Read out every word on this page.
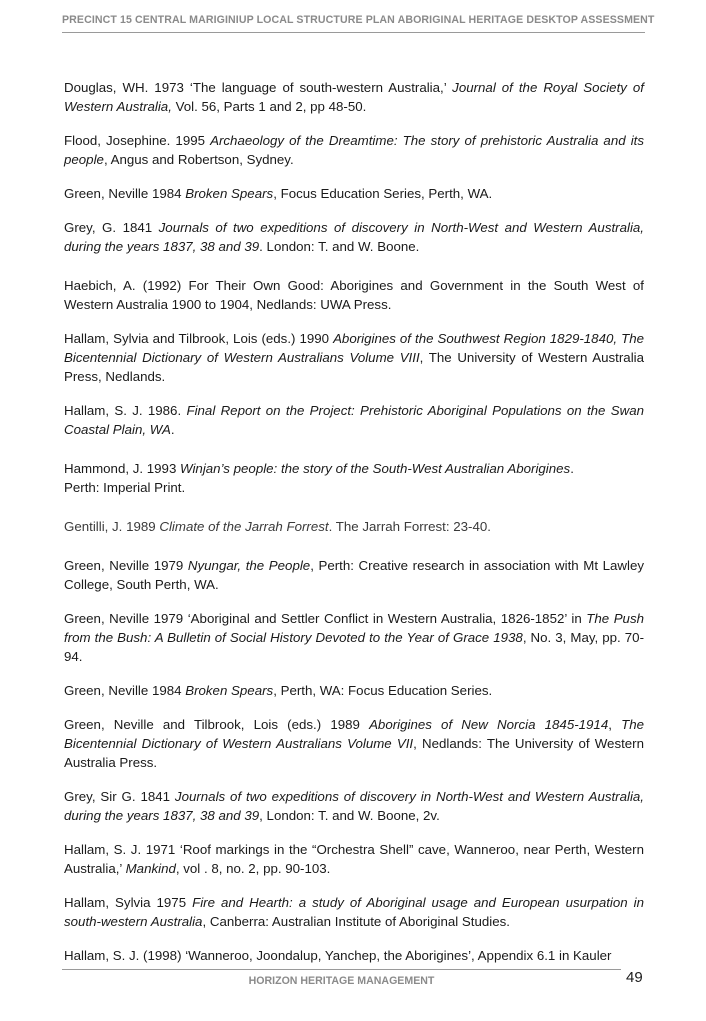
PRECINCT 15 CENTRAL MARIGINIUP LOCAL STRUCTURE PLAN ABORIGINAL HERITAGE DESKTOP ASSESSMENT

Douglas, WH. 1973 ‘The language of south-western Australia,’ Journal of the Royal Society of Western Australia, Vol. 56, Parts 1 and 2, pp 48-50.

Flood, Josephine. 1995 Archaeology of the Dreamtime: The story of prehistoric Australia and its people, Angus and Robertson, Sydney.

Green, Neville 1984 Broken Spears, Focus Education Series, Perth, WA.

Grey, G. 1841 Journals of two expeditions of discovery in North-West and Western Australia, during the years 1837, 38 and 39. London: T. and W. Boone.

Haebich, A. (1992) For Their Own Good: Aborigines and Government in the South West of Western Australia 1900 to 1904, Nedlands: UWA Press.

Hallam, Sylvia and Tilbrook, Lois (eds.) 1990 Aborigines of the Southwest Region 1829-1840, The Bicentennial Dictionary of Western Australians Volume VIII, The University of Western Australia Press, Nedlands.

Hallam, S. J. 1986. Final Report on the Project: Prehistoric Aboriginal Populations on the Swan Coastal Plain, WA.

Hammond, J. 1993 Winjan’s people: the story of the South-West Australian Aborigines.
Perth: Imperial Print.

Gentilli, J. 1989 Climate of the Jarrah Forrest. The Jarrah Forrest: 23-40.

Green, Neville 1979 Nyungar, the People, Perth: Creative research in association with Mt Lawley College, South Perth, WA.

Green, Neville 1979 ‘Aboriginal and Settler Conflict in Western Australia, 1826-1852’ in The Push from the Bush: A Bulletin of Social History Devoted to the Year of Grace 1938, No. 3, May, pp. 70-94.

Green, Neville 1984 Broken Spears, Perth, WA: Focus Education Series.

Green, Neville and Tilbrook, Lois (eds.) 1989 Aborigines of New Norcia 1845-1914, The Bicentennial Dictionary of Western Australians Volume VII, Nedlands: The University of Western Australia Press.

Grey, Sir G. 1841 Journals of two expeditions of discovery in North-West and Western Australia, during the years 1837, 38 and 39, London: T. and W. Boone, 2v.

Hallam, S. J. 1971 ‘Roof markings in the “Orchestra Shell” cave, Wanneroo, near Perth, Western Australia,’ Mankind, vol . 8, no. 2, pp. 90-103.

Hallam, Sylvia 1975 Fire and Hearth: a study of Aboriginal usage and European usurpation in south-western Australia, Canberra: Australian Institute of Aboriginal Studies.

Hallam, S. J. (1998) ‘Wanneroo, Joondalup, Yanchep, the Aborigines’, Appendix 6.1 in Kauler

HORIZON HERITAGE MANAGEMENT	49
